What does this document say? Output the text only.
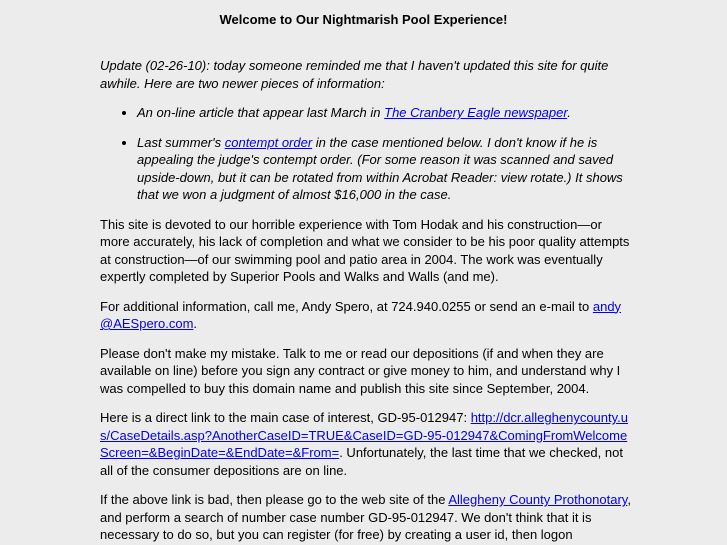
Welcome to Our Nightmarish Pool Experience!

Update (02-26-10): today someone reminded me that I haven't updated this site for quite awhile. Here are two newer pieces of information:

• An on-line article that appear last March in The Cranbery Eagle newspaper.
• Last summer's contempt order in the case mentioned below. I don't know if he is appealing the judge's contempt order. (For some reason it was scanned and saved upside-down, but it can be rotated from within Acrobat Reader: view rotate.) It shows that we won a judgment of almost $16,000 in the case.

This site is devoted to our horrible experience with Tom Hodak and his construction—or more accurately, his lack of completion and what we consider to be his poor quality attempts at construction—of our swimming pool and patio area in 2004. The work was eventually expertly completed by Superior Pools and Walks and Walls (and me).

For additional information, call me, Andy Spero, at 724.940.0255 or send an e-mail to andy@AESpero.com.

Please don't make my mistake. Talk to me or read our depositions (if and when they are available on line) before you sign any contract or give money to him, and understand why I was compelled to buy this domain name and publish this site since September, 2004.

Here is a direct link to the main case of interest, GD-95-012947: http://dcr.alleghenycounty.us/CaseDetails.asp?AnotherCaseID=TRUE&CaseID=GD-95-012947&ComingFromWelcomeScreen=&BeginDate=&EndDate=&From=. Unfortunately, the last time that we checked, not all of the consumer depositions are on line.

If the above link is bad, then please go to the web site of the Allegheny County Prothonotary, and perform a search of number case number GD-95-012947. We don't think that it is necessary to do so, but you can register (for free) by creating a user id, then logon
